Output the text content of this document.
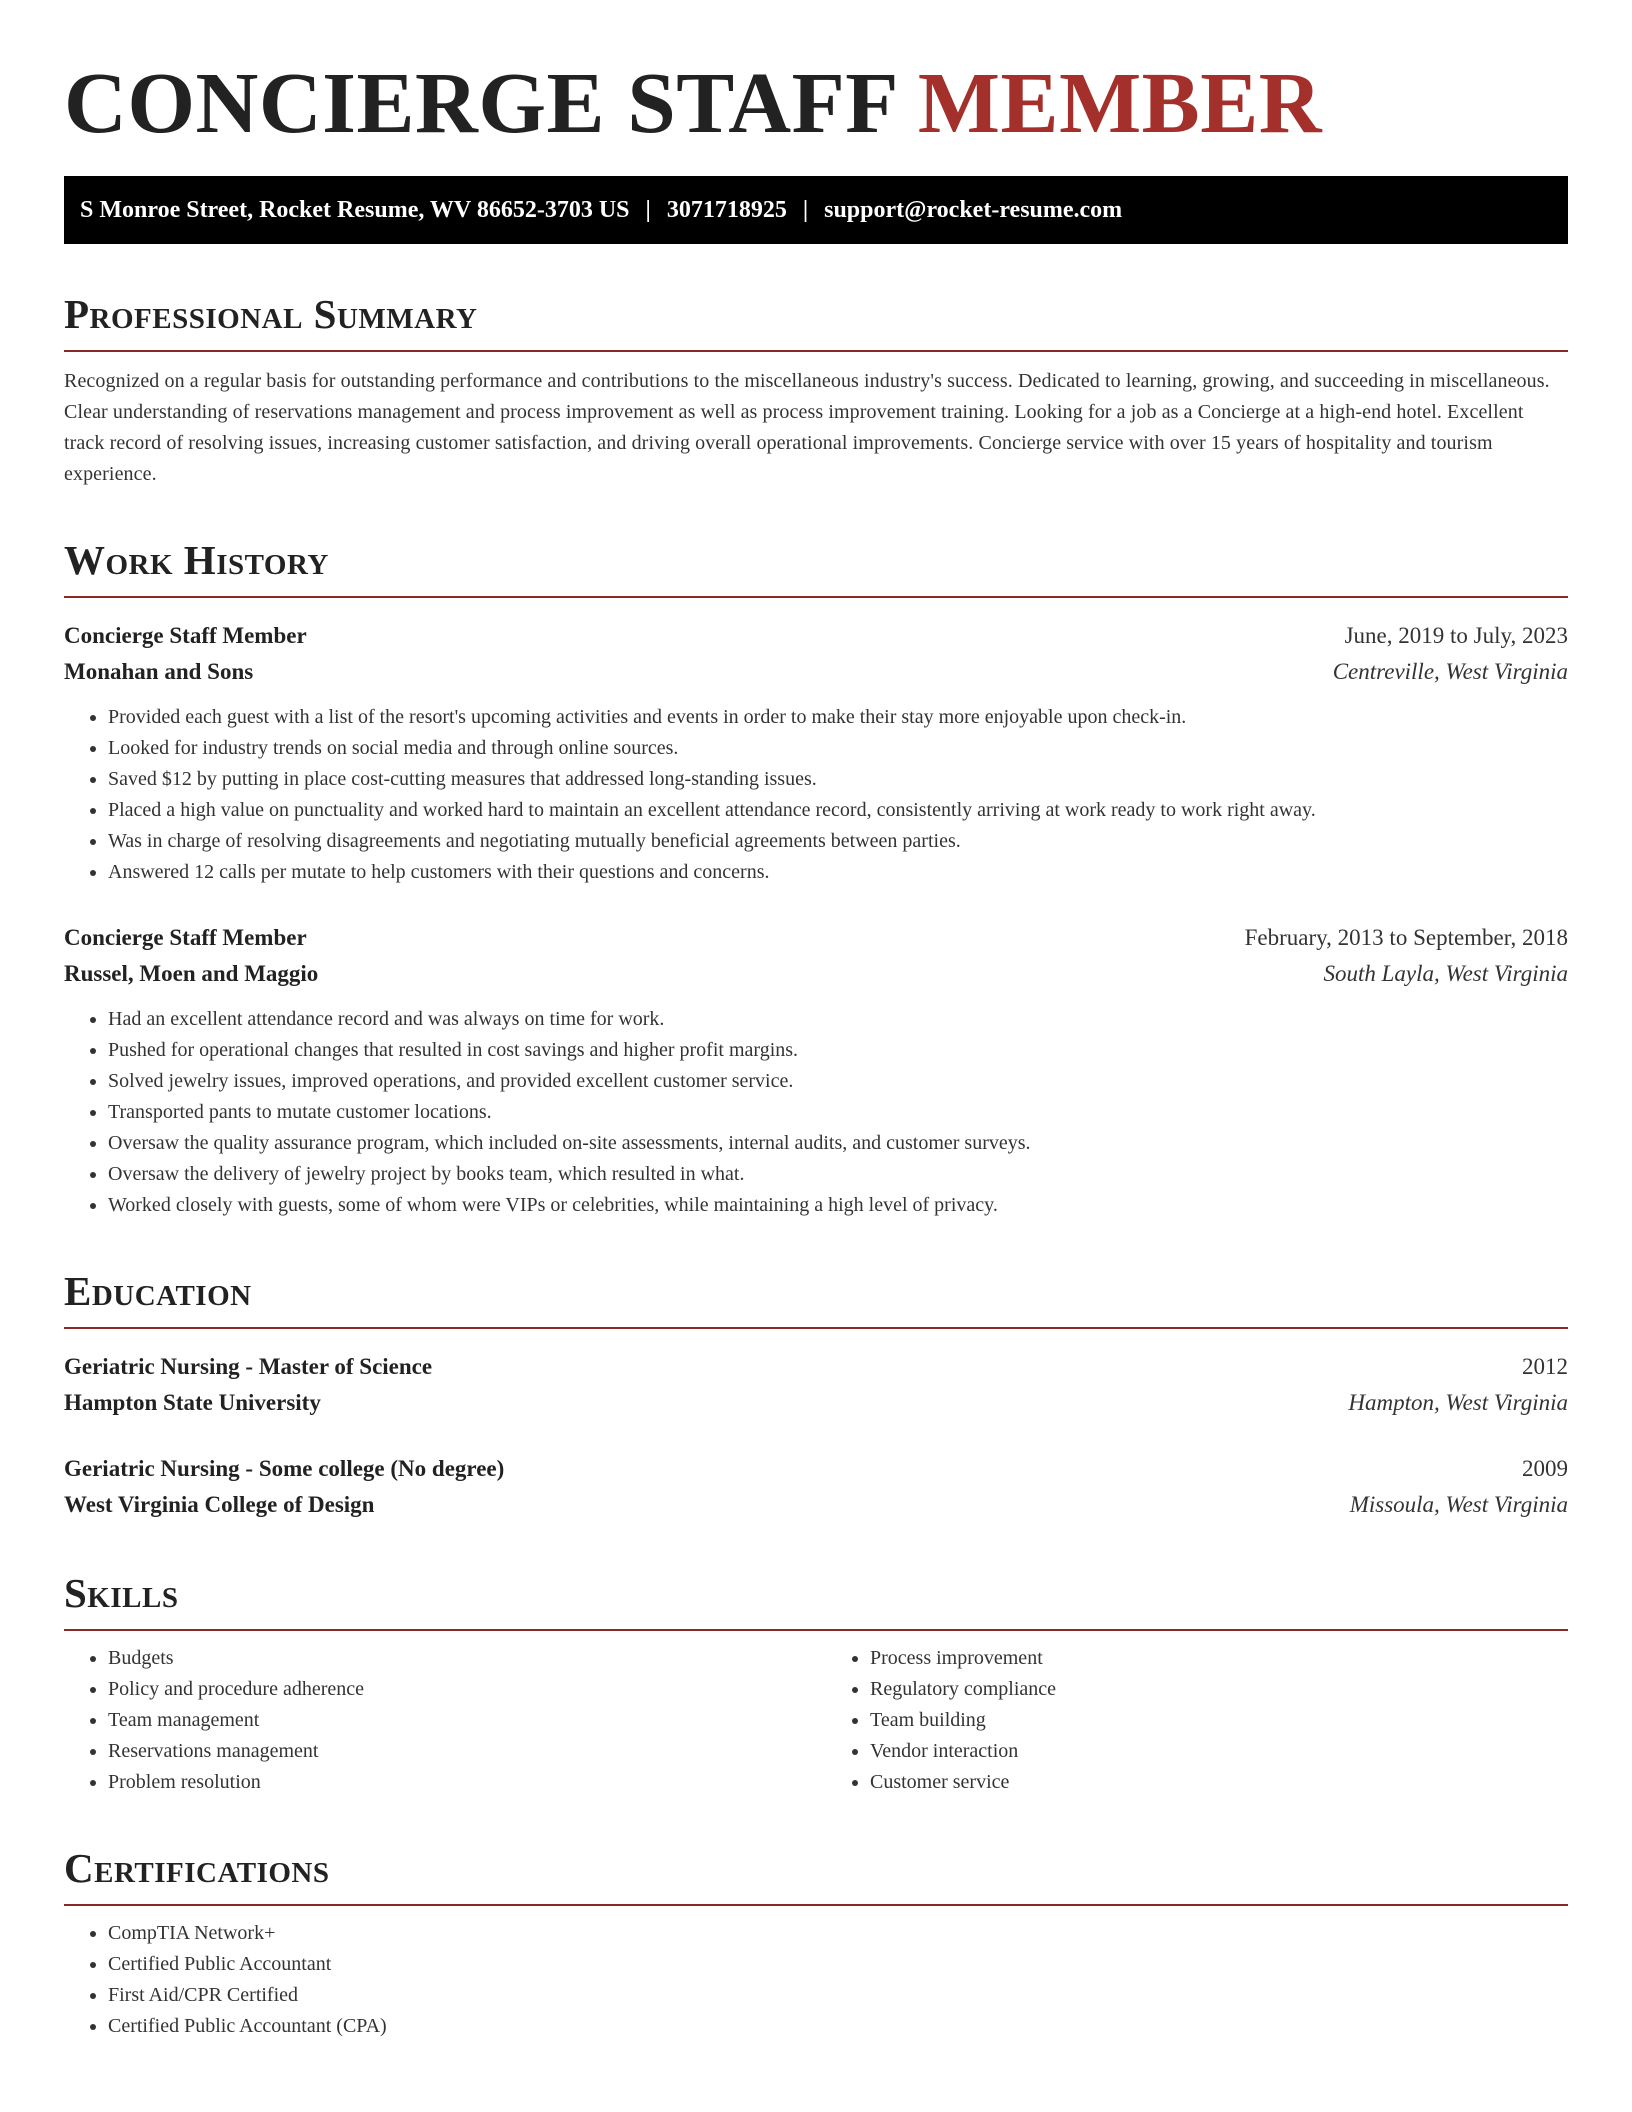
CONCIERGE STAFF MEMBER
S Monroe Street, Rocket Resume, WV 86652-3703 US | 3071718925 | support@rocket-resume.com
Professional Summary

Recognized on a regular basis for outstanding performance and contributions to the miscellaneous industry's success. Dedicated to learning, growing, and succeeding in miscellaneous. Clear understanding of reservations management and process improvement as well as process improvement training. Looking for a job as a Concierge at a high-end hotel. Excellent track record of resolving issues, increasing customer satisfaction, and driving overall operational improvements. Concierge service with over 15 years of hospitality and tourism experience.

Work History
Concierge Staff Member	June, 2019 to July, 2023
Monahan and Sons	Centreville, West Virginia
• Provided each guest with a list of the resort's upcoming activities and events in order to make their stay more enjoyable upon check-in.
• Looked for industry trends on social media and through online sources.
• Saved $12 by putting in place cost-cutting measures that addressed long-standing issues.
• Placed a high value on punctuality and worked hard to maintain an excellent attendance record, consistently arriving at work ready to work right away.
• Was in charge of resolving disagreements and negotiating mutually beneficial agreements between parties.
• Answered 12 calls per mutate to help customers with their questions and concerns.
Concierge Staff Member	February, 2013 to September, 2018
Russel, Moen and Maggio	South Layla, West Virginia
• Had an excellent attendance record and was always on time for work.
• Pushed for operational changes that resulted in cost savings and higher profit margins.
• Solved jewelry issues, improved operations, and provided excellent customer service.
• Transported pants to mutate customer locations.
• Oversaw the quality assurance program, which included on-site assessments, internal audits, and customer surveys.
• Oversaw the delivery of jewelry project by books team, which resulted in what.
• Worked closely with guests, some of whom were VIPs or celebrities, while maintaining a high level of privacy.
Education
Geriatric Nursing - Master of Science	2012
Hampton State University	Hampton, West Virginia
Geriatric Nursing - Some college (No degree)	2009
West Virginia College of Design	Missoula, West Virginia
Skills
• Budgets
• Policy and procedure adherence
• Team management
• Reservations management
• Problem resolution
• Process improvement
• Regulatory compliance
• Team building
• Vendor interaction
• Customer service
Certifications
• CompTIA Network+
• Certified Public Accountant
• First Aid/CPR Certified
• Certified Public Accountant (CPA)
